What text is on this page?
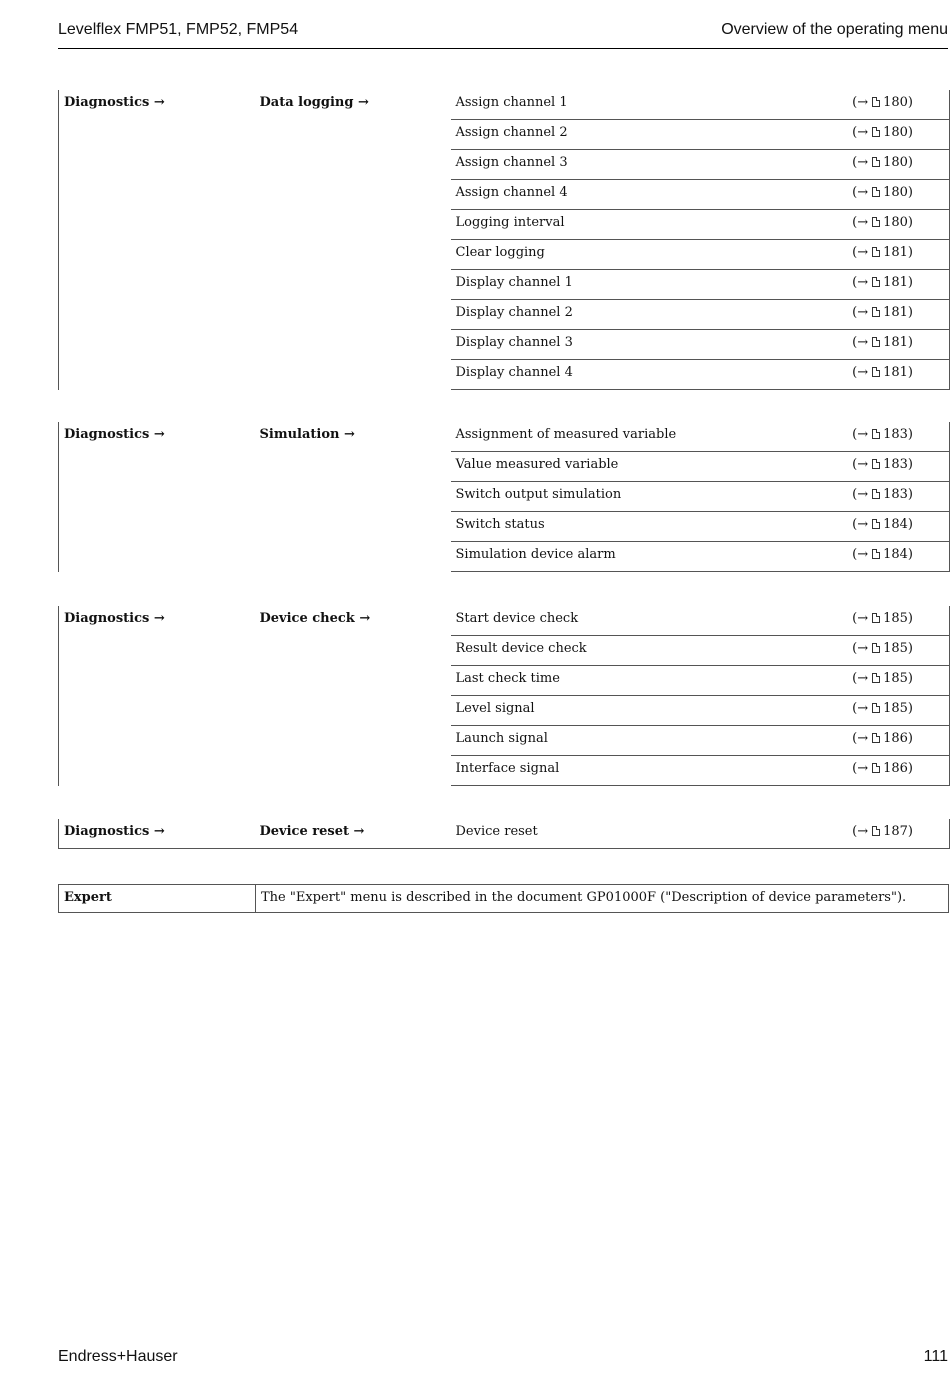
Levelflex FMP51, FMP52, FMP54	Overview of the operating menu
Diagnostics →	Data logging →	Assign channel 1	(→ 180)
		Assign channel 2	(→ 180)
		Assign channel 3	(→ 180)
		Assign channel 4	(→ 180)
		Logging interval	(→ 180)
		Clear logging	(→ 181)
		Display channel 1	(→ 181)
		Display channel 2	(→ 181)
		Display channel 3	(→ 181)
		Display channel 4	(→ 181)
Diagnostics →	Simulation →	Assignment of measured variable	(→ 183)
		Value measured variable	(→ 183)
		Switch output simulation	(→ 183)
		Switch status	(→ 184)
		Simulation device alarm	(→ 184)
Diagnostics →	Device check →	Start device check	(→ 185)
		Result device check	(→ 185)
		Last check time	(→ 185)
		Level signal	(→ 185)
		Launch signal	(→ 186)
		Interface signal	(→ 186)
Diagnostics →	Device reset →	Device reset	(→ 187)
Expert	The "Expert" menu is described in the document GP01000F ("Description of device parameters").
Endress+Hauser	111
